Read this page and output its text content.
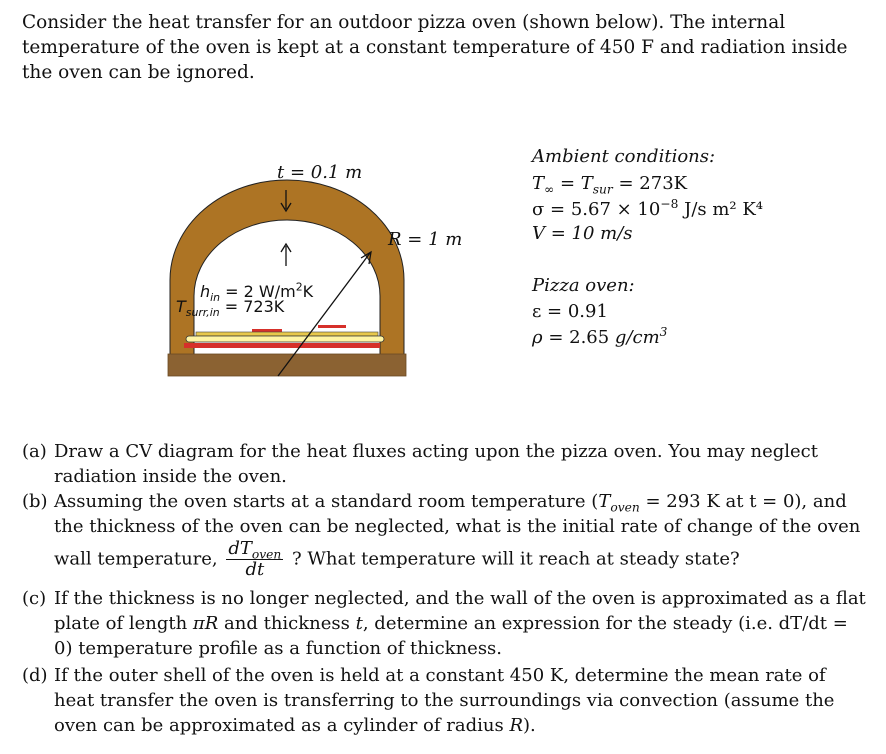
Consider the heat transfer for an outdoor pizza oven (shown below). The internal temperature of the oven is kept at a constant temperature of 450 F and radiation inside the oven can be ignored.
t = 0.1 m
R = 1 m
$h_{in} = 2$ $W/m^2K$
$T_{surr,in} = 723K$
Ambient conditions:
$T_\infty = T_{sur} = 273K$
$\sigma = 5.67 \times 10^{-8}$ J/s m² K⁴
V = 10 m/s
Pizza oven:
ε = 0.91
ρ = 2.65 $g/cm^3$
(a) Draw a CV diagram for the heat fluxes acting upon the pizza oven. You may neglect radiation inside the oven.
(b) Assuming the oven starts at a standard room temperature ($T_{oven} = 293$ K at t = 0), and the thickness of the oven can be neglected, what is the initial rate of change of the oven wall temperature, $\frac{dT_{oven}}{dt}$ ? What temperature will it reach at steady state?
(c) If the thickness is no longer neglected, and the wall of the oven is approximated as a flat plate of length πR and thickness t, determine an expression for the steady (i.e. dT/dt = 0) temperature profile as a function of thickness.
(d) If the outer shell of the oven is held at a constant 450 K, determine the mean rate of heat transfer the oven is transferring to the surroundings via convection (assume the oven can be approximated as a cylinder of radius R).
